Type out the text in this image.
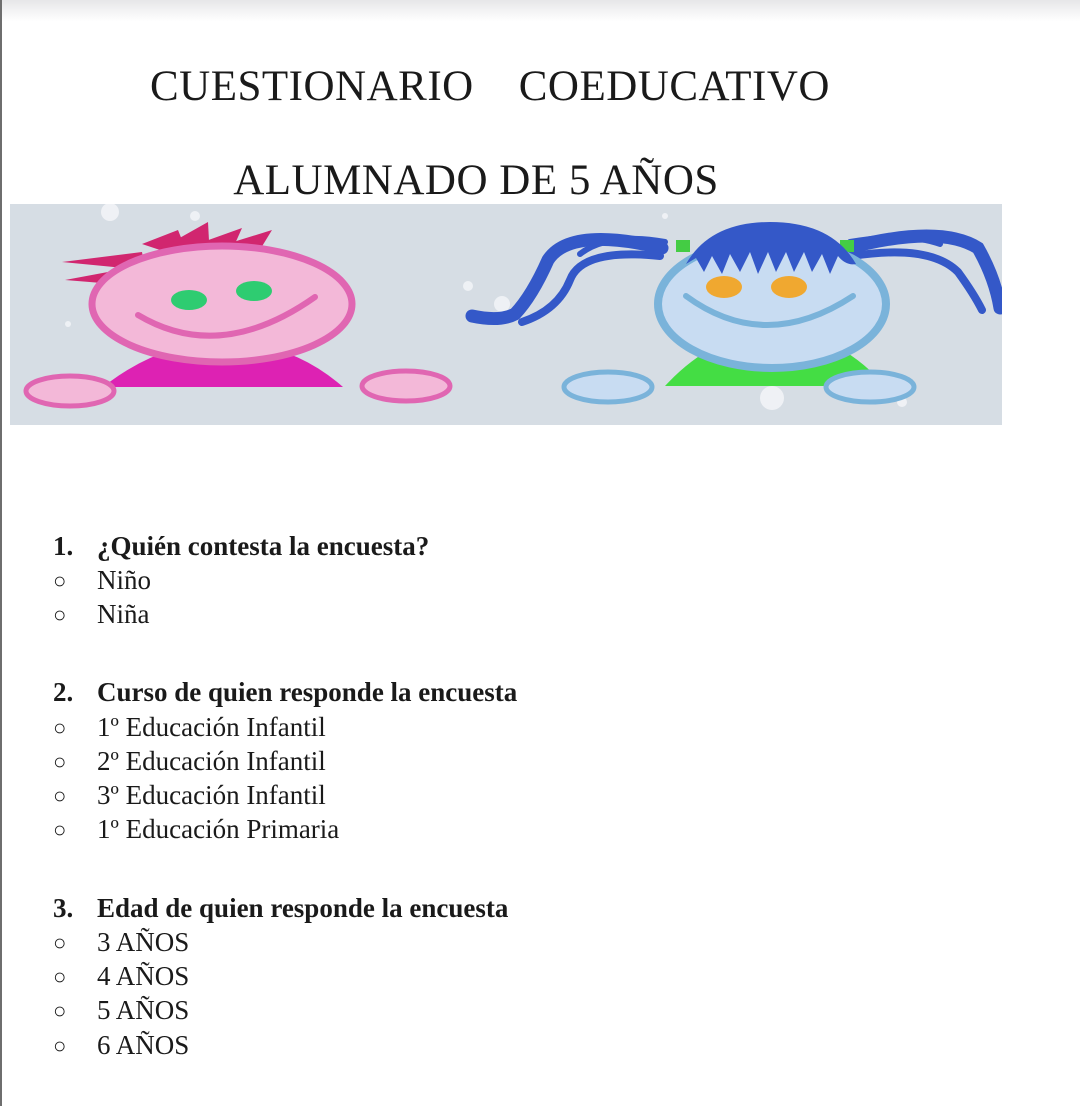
CUESTIONARIO    COEDUCATIVO
ALUMNADO DE 5 AÑOS
1. ¿Quién contesta la encuesta?
○	Niño
○	Niña
2. Curso de quien responde la encuesta
○	1º Educación Infantil
○	2º Educación Infantil
○	3º Educación Infantil
○	1º Educación Primaria
3. Edad de quien responde la encuesta
○	3 AÑOS
○	4 AÑOS
○	5 AÑOS
○	6 AÑOS
